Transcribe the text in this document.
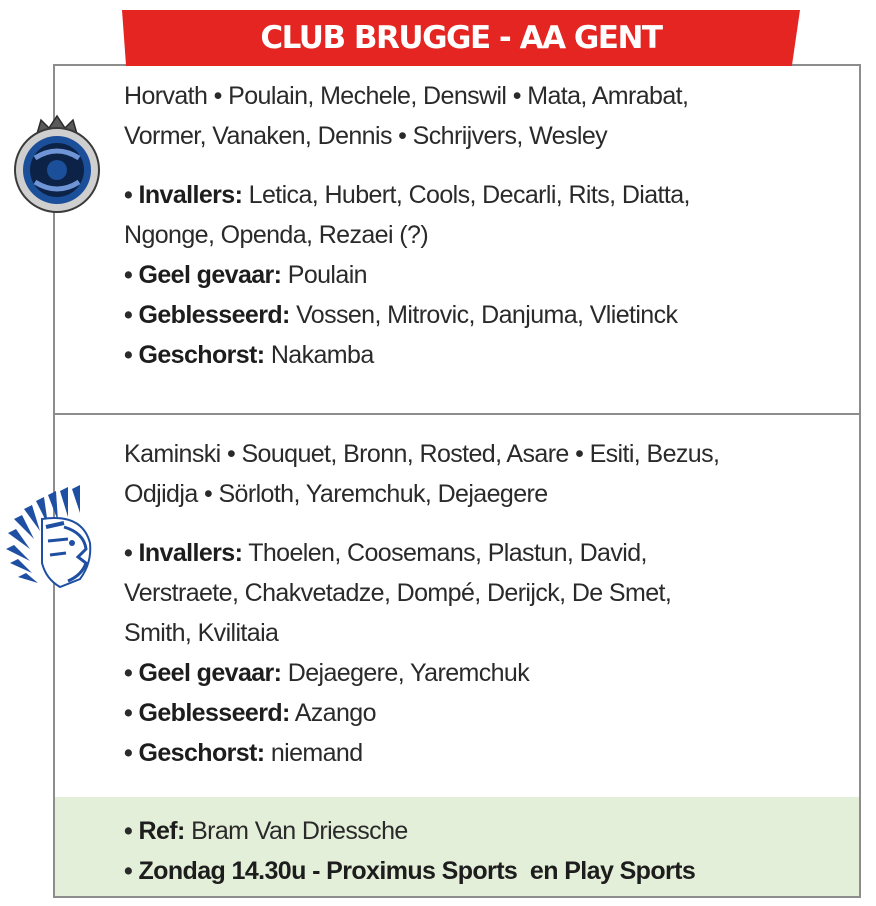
CLUB BRUGGE - AA GENT

Horvath • Poulain, Mechele, Denswil • Mata, Amrabat,

Vormer, Vanaken, Dennis • Schrijvers, Wesley

• Invallers: Letica, Hubert, Cools, Decarli, Rits, Diatta,

Ngonge, Openda, Rezaei (?)

• Geel gevaar: Poulain

• Geblesseerd: Vossen, Mitrovic, Danjuma, Vlietinck

• Geschorst: Nakamba

Kaminski • Souquet, Bronn, Rosted, Asare • Esiti, Bezus,

Odjidja • Sörloth, Yaremchuk, Dejaegere

• Invallers: Thoelen, Coosemans, Plastun, David,

Verstraete, Chakvetadze, Dompé, Derijck, De Smet,

Smith, Kvilitaia

• Geel gevaar: Dejaegere, Yaremchuk

• Geblesseerd: Azango

• Geschorst: niemand

• Ref: Bram Van Driessche

• Zondag 14.30u - Proximus Sports  en Play Sports
